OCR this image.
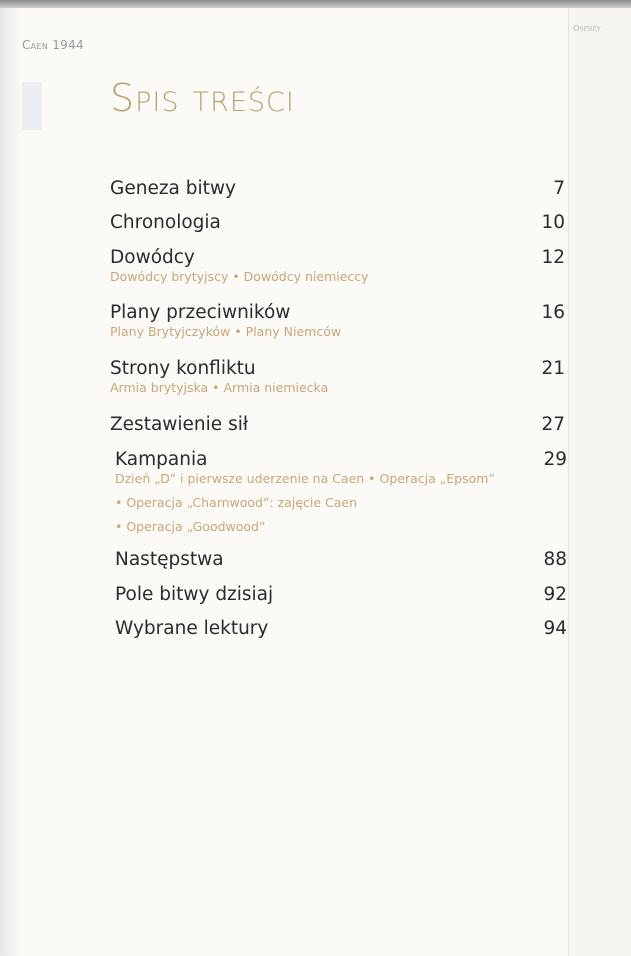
Caen 1944
Osprey
Spis treści
Geneza bitwy	7
Chronologia	10
Dowódcy	12
Dowódcy brytyjscy • Dowódcy niemieccy
Plany przeciwników	16
Plany Brytyjczyków • Plany Niemców
Strony konfliktu	21
Armia brytyjska • Armia niemiecka
Zestawienie sił	27
Kampania	29
Dzień „D” i pierwsze uderzenie na Caen • Operacja „Epsom”
• Operacja „Charnwood”: zajęcie Caen
• Operacja „Goodwood”
Następstwa	88
Pole bitwy dzisiaj	92
Wybrane lektury	94
